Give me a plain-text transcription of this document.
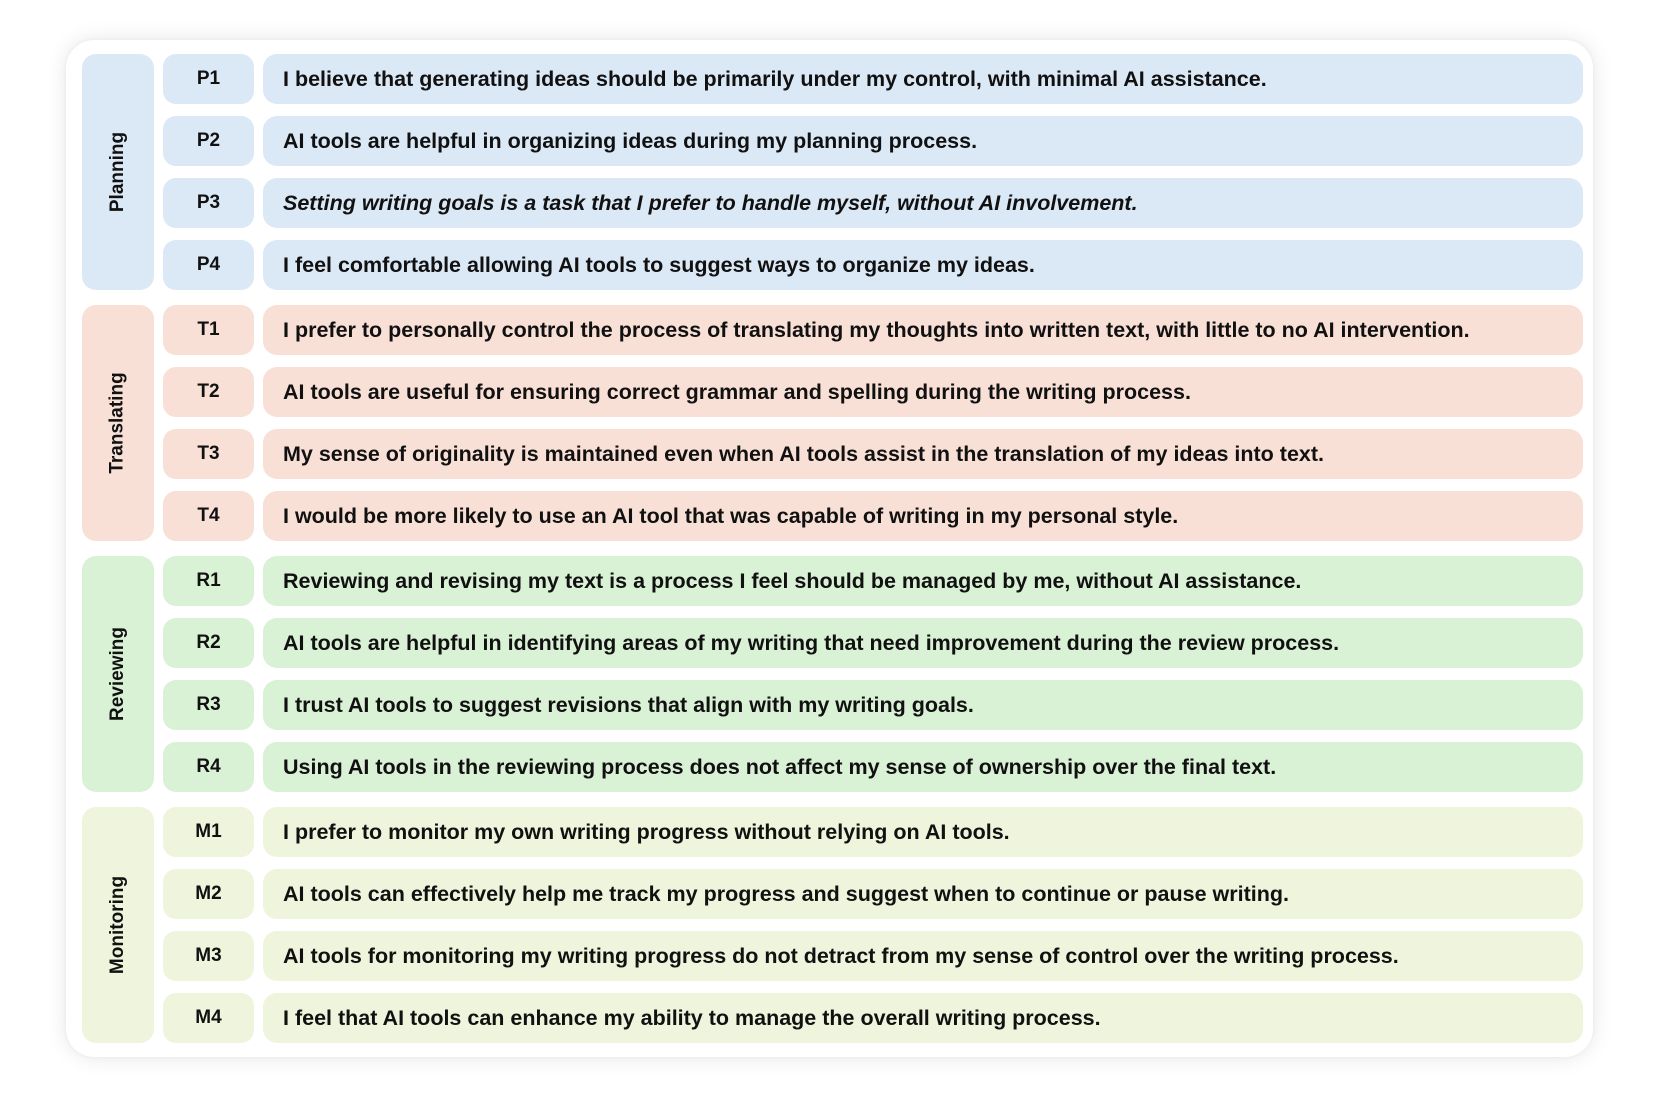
Planning
P1	I believe that generating ideas should be primarily under my control, with minimal AI assistance.
P2	AI tools are helpful in organizing ideas during my planning process.
P3	Setting writing goals is a task that I prefer to handle myself, without AI involvement.
P4	I feel comfortable allowing AI tools to suggest ways to organize my ideas.
Translating
T1	I prefer to personally control the process of translating my thoughts into written text, with little to no AI intervention.
T2	AI tools are useful for ensuring correct grammar and spelling during the writing process.
T3	My sense of originality is maintained even when AI tools assist in the translation of my ideas into text.
T4	I would be more likely to use an AI tool that was capable of writing in my personal style.
Reviewing
R1	Reviewing and revising my text is a process I feel should be managed by me, without AI assistance.
R2	AI tools are helpful in identifying areas of my writing that need improvement during the review process.
R3	I trust AI tools to suggest revisions that align with my writing goals.
R4	Using AI tools in the reviewing process does not affect my sense of ownership over the final text.
Monitoring
M1	I prefer to monitor my own writing progress without relying on AI tools.
M2	AI tools can effectively help me track my progress and suggest when to continue or pause writing.
M3	AI tools for monitoring my writing progress do not detract from my sense of control over the writing process.
M4	I feel that AI tools can enhance my ability to manage the overall writing process.
